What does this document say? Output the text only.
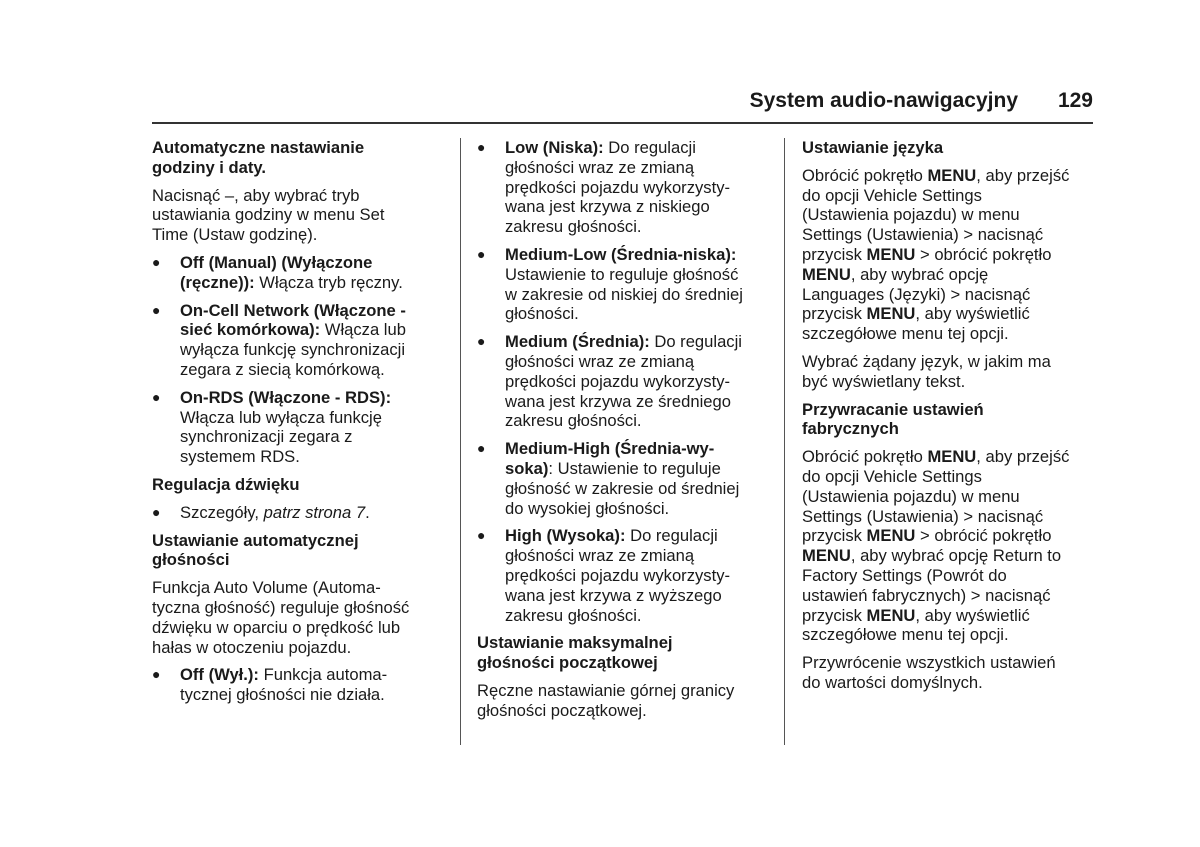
System audio-nawigacyjny 129
Automatyczne nastawianie
godziny i daty.
Nacisnąć –, aby wybrać tryb
ustawiania godziny w menu Set
Time (Ustaw godzinę).
● Off (Manual) (Wyłączone
(ręczne)): Włącza tryb ręczny.
● On-Cell Network (Włączone -
sieć komórkowa): Włącza lub
wyłącza funkcję synchronizacji
zegara z siecią komórkową.
● On-RDS (Włączone - RDS):
Włącza lub wyłącza funkcję
synchronizacji zegara z
systemem RDS.
Regulacja dźwięku
● Szczegóły, patrz strona 7.
Ustawianie automatycznej
głośności
Funkcja Auto Volume (Automa-
tyczna głośność) reguluje głośność
dźwięku w oparciu o prędkość lub
hałas w otoczeniu pojazdu.
● Off (Wył.): Funkcja automa-
tycznej głośności nie działa.
● Low (Niska): Do regulacji
głośności wraz ze zmianą
prędkości pojazdu wykorzysty-
wana jest krzywa z niskiego
zakresu głośności.
● Medium-Low (Średnia-niska):
Ustawienie to reguluje głośność
w zakresie od niskiej do średniej
głośności.
● Medium (Średnia): Do regulacji
głośności wraz ze zmianą
prędkości pojazdu wykorzysty-
wana jest krzywa ze średniego
zakresu głośności.
● Medium-High (Średnia-wy-
soka): Ustawienie to reguluje
głośność w zakresie od średniej
do wysokiej głośności.
● High (Wysoka): Do regulacji
głośności wraz ze zmianą
prędkości pojazdu wykorzysty-
wana jest krzywa z wyższego
zakresu głośności.
Ustawianie maksymalnej
głośności początkowej
Ręczne nastawianie górnej granicy
głośności początkowej.
Ustawianie języka
Obrócić pokrętło MENU, aby przejść
do opcji Vehicle Settings
(Ustawienia pojazdu) w menu
Settings (Ustawienia) > nacisnąć
przycisk MENU > obrócić pokrętło
MENU, aby wybrać opcję
Languages (Języki) > nacisnąć
przycisk MENU, aby wyświetlić
szczegółowe menu tej opcji.
Wybrać żądany język, w jakim ma
być wyświetlany tekst.
Przywracanie ustawień
fabrycznych
Obrócić pokrętło MENU, aby przejść
do opcji Vehicle Settings
(Ustawienia pojazdu) w menu
Settings (Ustawienia) > nacisnąć
przycisk MENU > obrócić pokrętło
MENU, aby wybrać opcję Return to
Factory Settings (Powrót do
ustawień fabrycznych) > nacisnąć
przycisk MENU, aby wyświetlić
szczegółowe menu tej opcji.
Przywrócenie wszystkich ustawień
do wartości domyślnych.
